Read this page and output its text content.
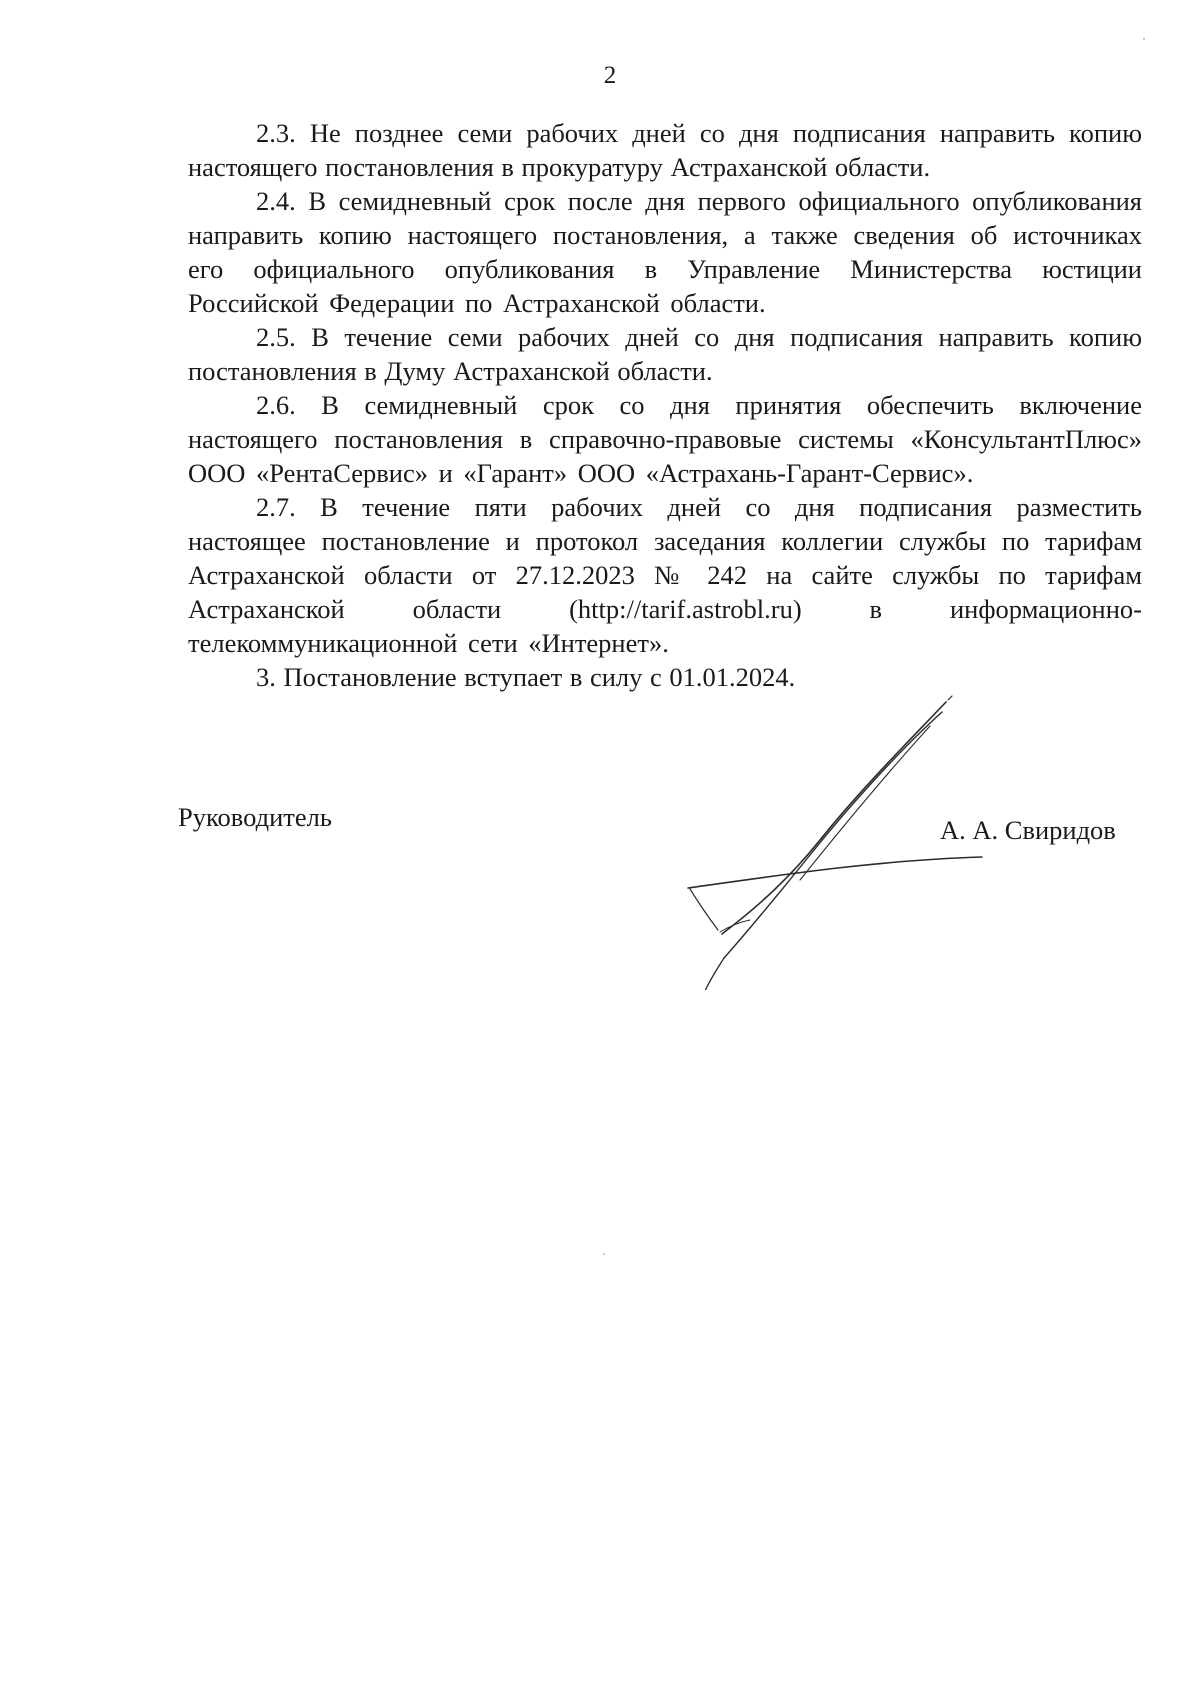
2

2.3. Не позднее семи рабочих дней со дня подписания направить копию настоящего постановления в прокуратуру Астраханской области.

2.4. В семидневный срок после дня первого официального опубликования направить копию настоящего постановления, а также сведения об источниках его официального опубликования в Управление Министерства юстиции Российской Федерации по Астраханской области.

2.5. В течение семи рабочих дней со дня подписания направить копию постановления в Думу Астраханской области.

2.6. В семидневный срок со дня принятия обеспечить включение настоящего постановления в справочно-правовые системы «КонсультантПлюс» ООО «РентаСервис» и «Гарант» ООО «Астрахань-Гарант-Сервис».

2.7. В течение пяти рабочих дней со дня подписания разместить настоящее постановление и протокол заседания коллегии службы по тарифам Астраханской области от 27.12.2023 № 242 на сайте службы по тарифам Астраханской области (http://tarif.astrobl.ru) в информационно-телекоммуникационной сети «Интернет».

3. Постановление вступает в силу с 01.01.2024.

Руководитель	А. А. Свиридов
